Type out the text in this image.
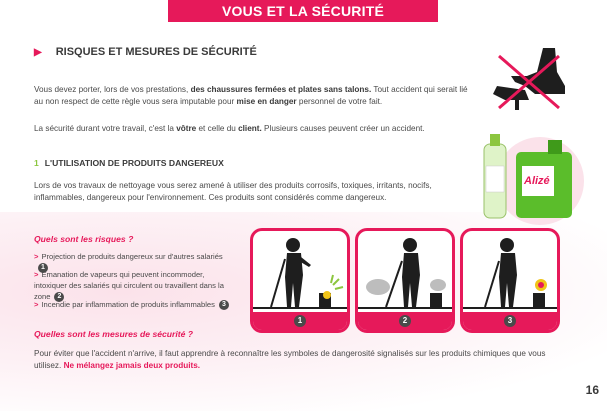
VOUS ET LA SÉCURITÉ
▶ RISQUES ET MESURES DE SÉCURITÉ
Vous devez porter, lors de vos prestations, des chaussures fermées et plates sans talons. Tout accident qui serait lié au non respect de cette règle vous sera imputable pour mise en danger personnel de votre fait.
La sécurité durant votre travail, c'est la vôtre et celle du client. Plusieurs causes peuvent créer un accident.
1 L'UTILISATION DE PRODUITS DANGEREUX
Lors de vos travaux de nettoyage vous serez amené à utiliser des produits corrosifs, toxiques, irritants, nocifs, inflammables, dangereux pour l'environnement. Ces produits sont considérés comme dangereux.
Quels sont les risques ?
> Projection de produits dangereux sur d'autres salariés1
> Émanation de vapeurs qui peuvent incommoder, intoxiquer des salariés qui circulent ou travaillent dans la zone 2
> Incendie par inflammation de produits inflammables 3
Quelles sont les mesures de sécurité ?
Pour éviter que l'accident n'arrive, il faut apprendre à reconnaître les symboles de dangerosité signalisés sur les produits chimiques que vous utilisez. Ne mélangez jamais deux produits.
Alizé
1	2	3
16
